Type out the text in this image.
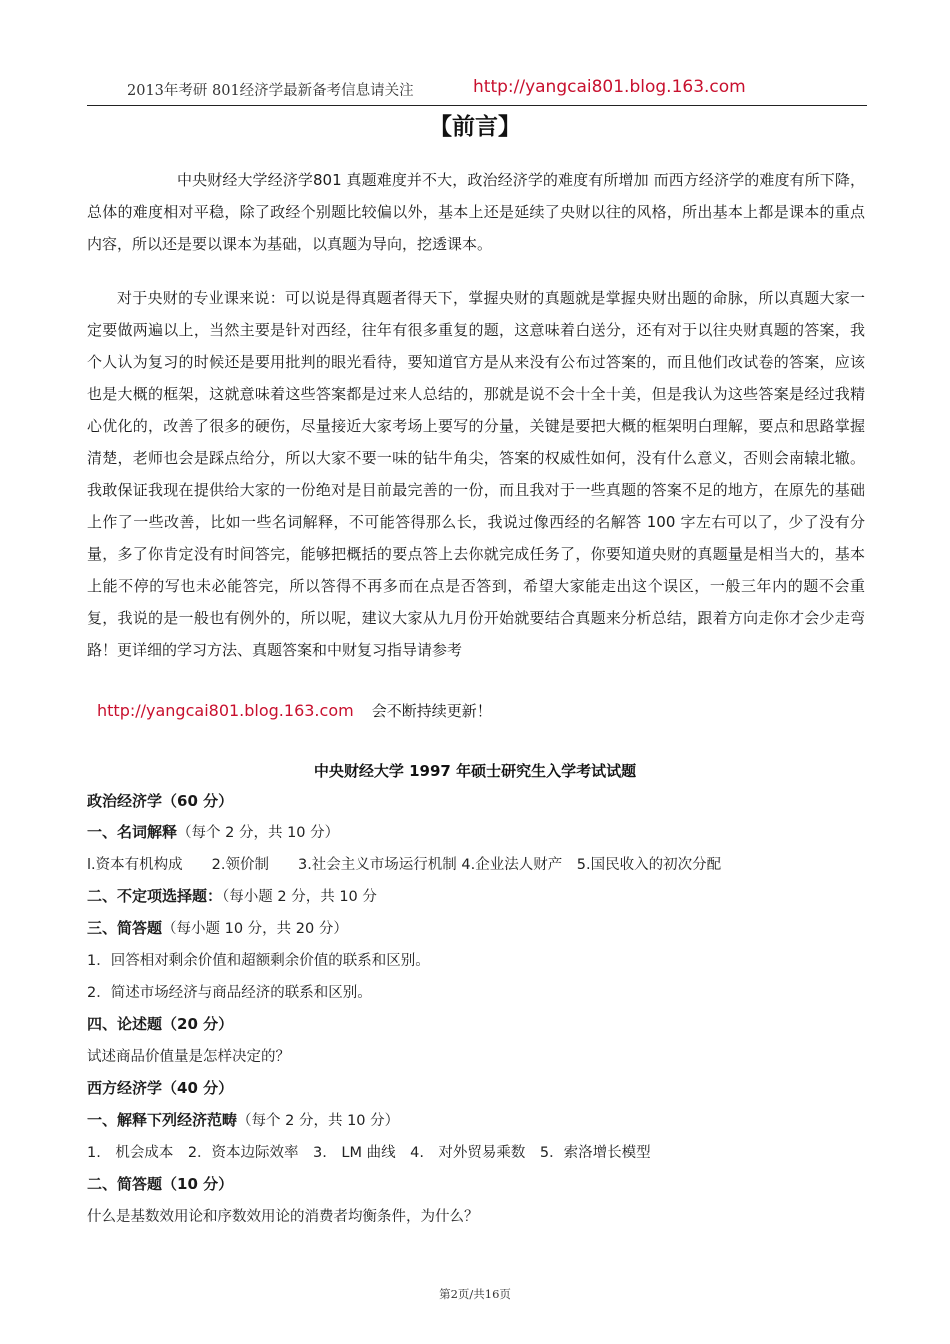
2013年考研 801经济学最新备考信息请关注	http://yangcai801.blog.163.com
【前言】
中央财经大学经济学801 真题难度并不大，政治经济学的难度有所增加 而西方经济学的难度有所下降，总体的难度相对平稳，除了政经个别题比较偏以外，基本上还是延续了央财以往的风格，所出基本上都是课本的重点内容，所以还是要以课本为基础，以真题为导向，挖透课本。
对于央财的专业课来说：可以说是得真题者得天下，掌握央财的真题就是掌握央财出题的命脉，所以真题大家一定要做两遍以上，当然主要是针对西经，往年有很多重复的题，这意味着白送分，还有对于以往央财真题的答案，我个人认为复习的时候还是要用批判的眼光看待，要知道官方是从来没有公布过答案的，而且他们改试卷的答案，应该也是大概的框架，这就意味着这些答案都是过来人总结的，那就是说不会十全十美，但是我认为这些答案是经过我精心优化的，改善了很多的硬伤，尽量接近大家考场上要写的分量，关键是要把大概的框架明白理解，要点和思路掌握清楚，老师也会是踩点给分，所以大家不要一味的钻牛角尖，答案的权威性如何，没有什么意义，否则会南辕北辙。我敢保证我现在提供给大家的一份绝对是目前最完善的一份，而且我对于一些真题的答案不足的地方，在原先的基础上作了一些改善，比如一些名词解释，不可能答得那么长，我说过像西经的名解答 100 字左右可以了，少了没有分量，多了你肯定没有时间答完，能够把概括的要点答上去你就完成任务了，你要知道央财的真题量是相当大的，基本上能不停的写也未必能答完，所以答得不再多而在点是否答到，希望大家能走出这个误区，一般三年内的题不会重复，我说的是一般也有例外的，所以呢，建议大家从九月份开始就要结合真题来分析总结，跟着方向走你才会少走弯路！更详细的学习方法、真题答案和中财复习指导请参考
http://yangcai801.blog.163.com 会不断持续更新！
中央财经大学 1997 年硕士研究生入学考试试题
政治经济学（60 分）
一、名词解释（每个 2 分，共 10 分）
l.资本有机构成　　2.领价制　　3.社会主义市场运行机制 4.企业法人财产　5.国民收入的初次分配
二、不定项选择题：（每小题 2 分，共 10 分
三、简答题（每小题 10 分，共 20 分）
1．回答相对剩余价值和超额剩余价值的联系和区别。
2．简述市场经济与商品经济的联系和区别。
四、论述题（20 分）
试述商品价值量是怎样决定的？
西方经济学（40 分）
一、解释下列经济范畴（每个 2 分，共 10 分）
1.　机会成本　2．资本边际效率　3.　LM 曲线　4.　对外贸易乘数　5．索洛增长模型
二、简答题（10 分）
什么是基数效用论和序数效用论的消费者均衡条件，为什么？
第2页/共16页
